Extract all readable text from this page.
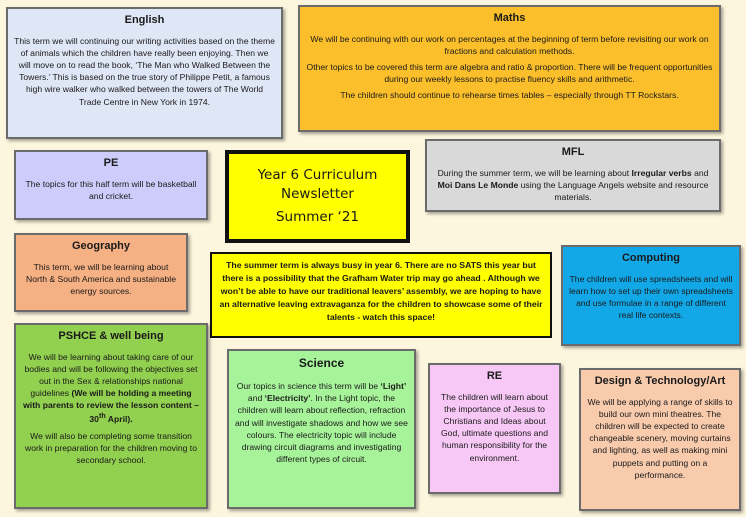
English

This term we will continuing our writing activities based on the theme of animals which the children have really been enjoying. Then we will move on to read the book, ‘The Man who Walked Between the Towers.’ This is based on the true story of Philippe Petit, a famous high wire walker who walked between the towers of The World Trade Centre in New York in 1974.

Maths

We will be continuing with our work on percentages at the beginning of term before revisiting our work on fractions and calculation methods.

Other topics to be covered this term are algebra and ratio & proportion. There will be frequent opportunities during our weekly lessons to practise fluency skills and arithmetic.

The children should continue to rehearse times tables – especially through TT Rockstars.

PE

The topics for this half term will be basketball and cricket.

Year 6 Curriculum

Newsletter

Summer ‘21

MFL

During the summer term, we will be learning about Irregular verbs and Moi Dans Le Monde using the Language Angels website and resource materials.

Geography

This term, we will be learning about North & South America and sustainable energy sources.

The summer term is always busy in year 6. There are no SATS this year but there is a possibility that the Grafham Water trip may go ahead . Although we won’t be able to have our traditional leavers’ assembly, we are hoping to have an alternative leaving extravaganza for the children to showcase some of their talents - watch this space!

Computing

The children will use spreadsheets and will learn how to set up their own spreadsheets and use formulae in a range of different real life contexts.

PSHCE & well being

We will be learning about taking care of our bodies and will be following the objectives set out in the Sex & relationships national guidelines (We will be holding a meeting with parents to review the lesson content – 30th April).

We will also be completing some transition work in preparation for the children moving to secondary school.

Science

Our topics in science this term will be ‘Light’ and ‘Electricity’. In the Light topic, the children will learn about reflection, refraction and will investigate shadows and how we see colours. The electricity topic will include drawing circuit diagrams and investigating different types of circuit.

RE

The children will learn about the importance of Jesus to Christians and Ideas about God, ultimate questions and human responsibility for the environment.

Design & Technology/Art

We will be applying a range of skills to build our own mini theatres. The children will be expected to create changeable scenery, moving curtains and lighting, as well as making mini puppets and putting on a performance.
